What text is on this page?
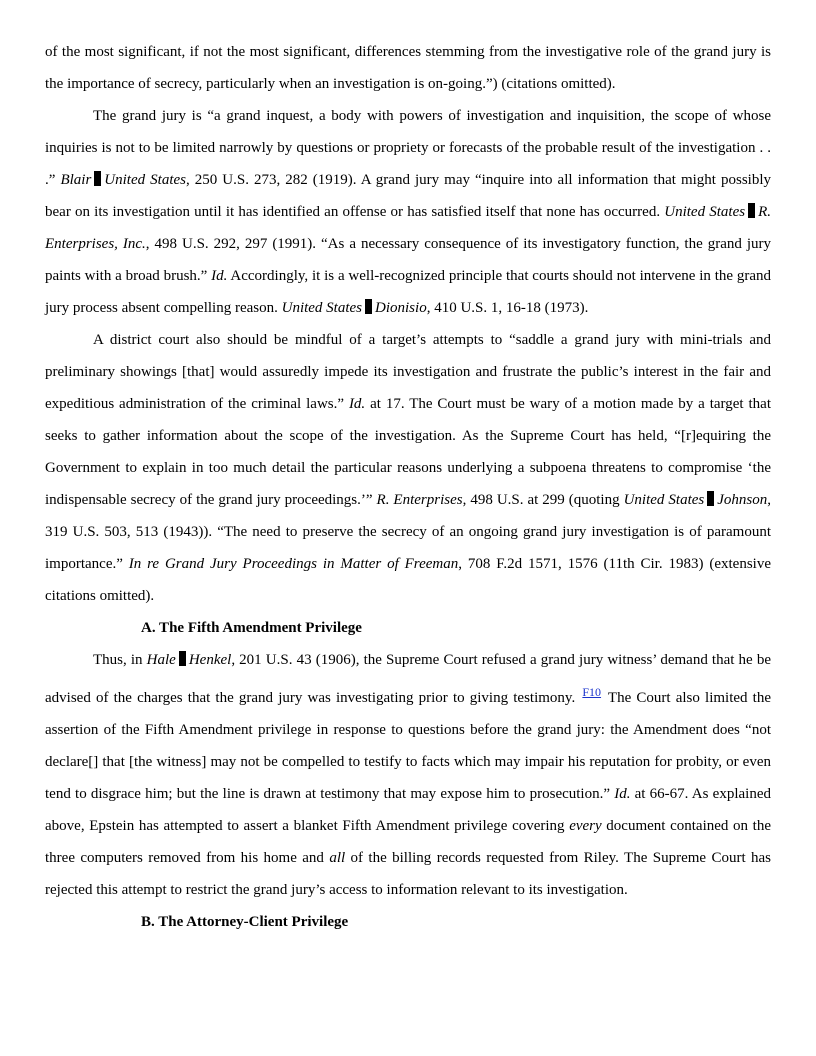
of the most significant, if not the most significant, differences stemming from the investigative role of the grand jury is the importance of secrecy, particularly when an investigation is on-going.”) (citations omitted).

The grand jury is “a grand inquest, a body with powers of investigation and inquisition, the scope of whose inquiries is not to be limited narrowly by questions or propriety or forecasts of the probable result of the investigation . . .” Blair United States, 250 U.S. 273, 282 (1919). A grand jury may “inquire into all information that might possibly bear on its investigation until it has identified an offense or has satisfied itself that none has occurred. United States R. Enterprises, Inc., 498 U.S. 292, 297 (1991). “As a necessary consequence of its investigatory function, the grand jury paints with a broad brush.” Id. Accordingly, it is a well-recognized principle that courts should not intervene in the grand jury process absent compelling reason. United States Dionisio, 410 U.S. 1, 16-18 (1973).

A district court also should be mindful of a target’s attempts to “saddle a grand jury with mini-trials and preliminary showings [that] would assuredly impede its investigation and frustrate the public’s interest in the fair and expeditious administration of the criminal laws.” Id. at 17. The Court must be wary of a motion made by a target that seeks to gather information about the scope of the investigation. As the Supreme Court has held, “[r]equiring the Government to explain in too much detail the particular reasons underlying a subpoena threatens to compromise ‘the indispensable secrecy of the grand jury proceedings.’” R. Enterprises, 498 U.S. at 299 (quoting United States Johnson, 319 U.S. 503, 513 (1943)). “The need to preserve the secrecy of an ongoing grand jury investigation is of paramount importance.” In re Grand Jury Proceedings in Matter of Freeman, 708 F.2d 1571, 1576 (11th Cir. 1983) (extensive citations omitted).

A. The Fifth Amendment Privilege

Thus, in Hale Henkel, 201 U.S. 43 (1906), the Supreme Court refused a grand jury witness’ demand that he be advised of the charges that the grand jury was investigating prior to giving testimony. $^{F10}$ The Court also limited the assertion of the Fifth Amendment privilege in response to questions before the grand jury: the Amendment does “not declare[] that [the witness] may not be compelled to testify to facts which may impair his reputation for probity, or even tend to disgrace him; but the line is drawn at testimony that may expose him to prosecution.” Id. at 66-67. As explained above, Epstein has attempted to assert a blanket Fifth Amendment privilege covering every document contained on the three computers removed from his home and all of the billing records requested from Riley. The Supreme Court has rejected this attempt to restrict the grand jury’s access to information relevant to its investigation.

B. The Attorney-Client Privilege
